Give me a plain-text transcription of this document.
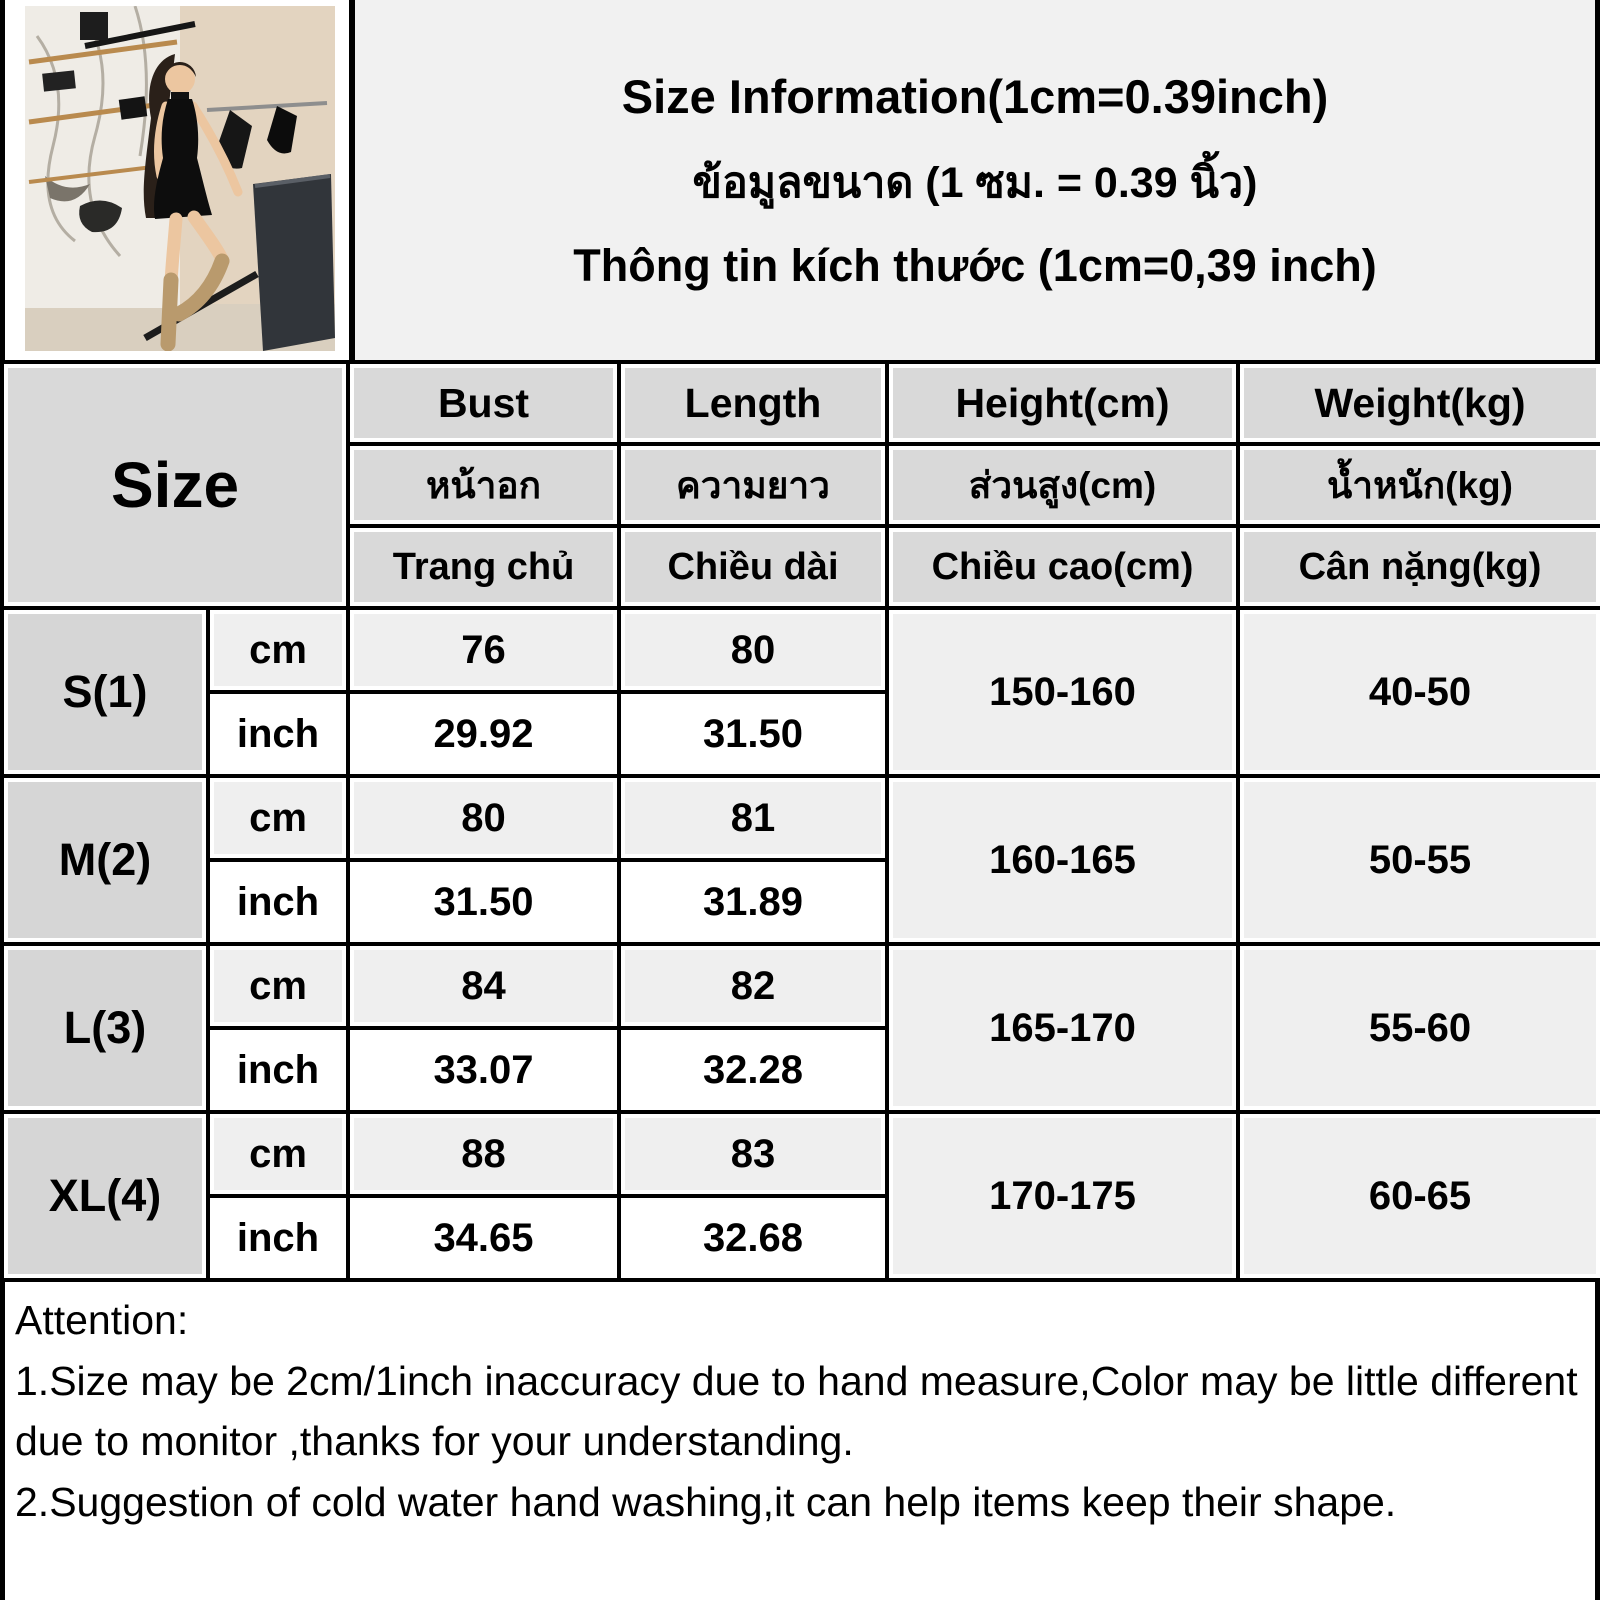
Size Information(1cm=0.39inch)
ข้อมูลขนาด (1 ซม. = 0.39 นิ้ว)
Thông tin kích thước (1cm=0,39 inch)
Size		Bust	Length	Height(cm)	Weight(kg)
		หน้าอก	ความยาว	ส่วนสูง(cm)	น้ำหนัก(kg)
		Trang chủ	Chiều dài	Chiều cao(cm)	Cân nặng(kg)
S(1)	cm	76	80	150-160	40-50
	inch	29.92	31.50		
M(2)	cm	80	81	160-165	50-55
	inch	31.50	31.89		
L(3)	cm	84	82	165-170	55-60
	inch	33.07	32.28		
XL(4)	cm	88	83	170-175	60-65
	inch	34.65	32.68		

Attention:

1.Size may be 2cm/1inch inaccuracy due to hand measure,Color may be little different due to monitor ,thanks for your understanding.

2.Suggestion of cold water hand washing,it can help items keep their shape.
